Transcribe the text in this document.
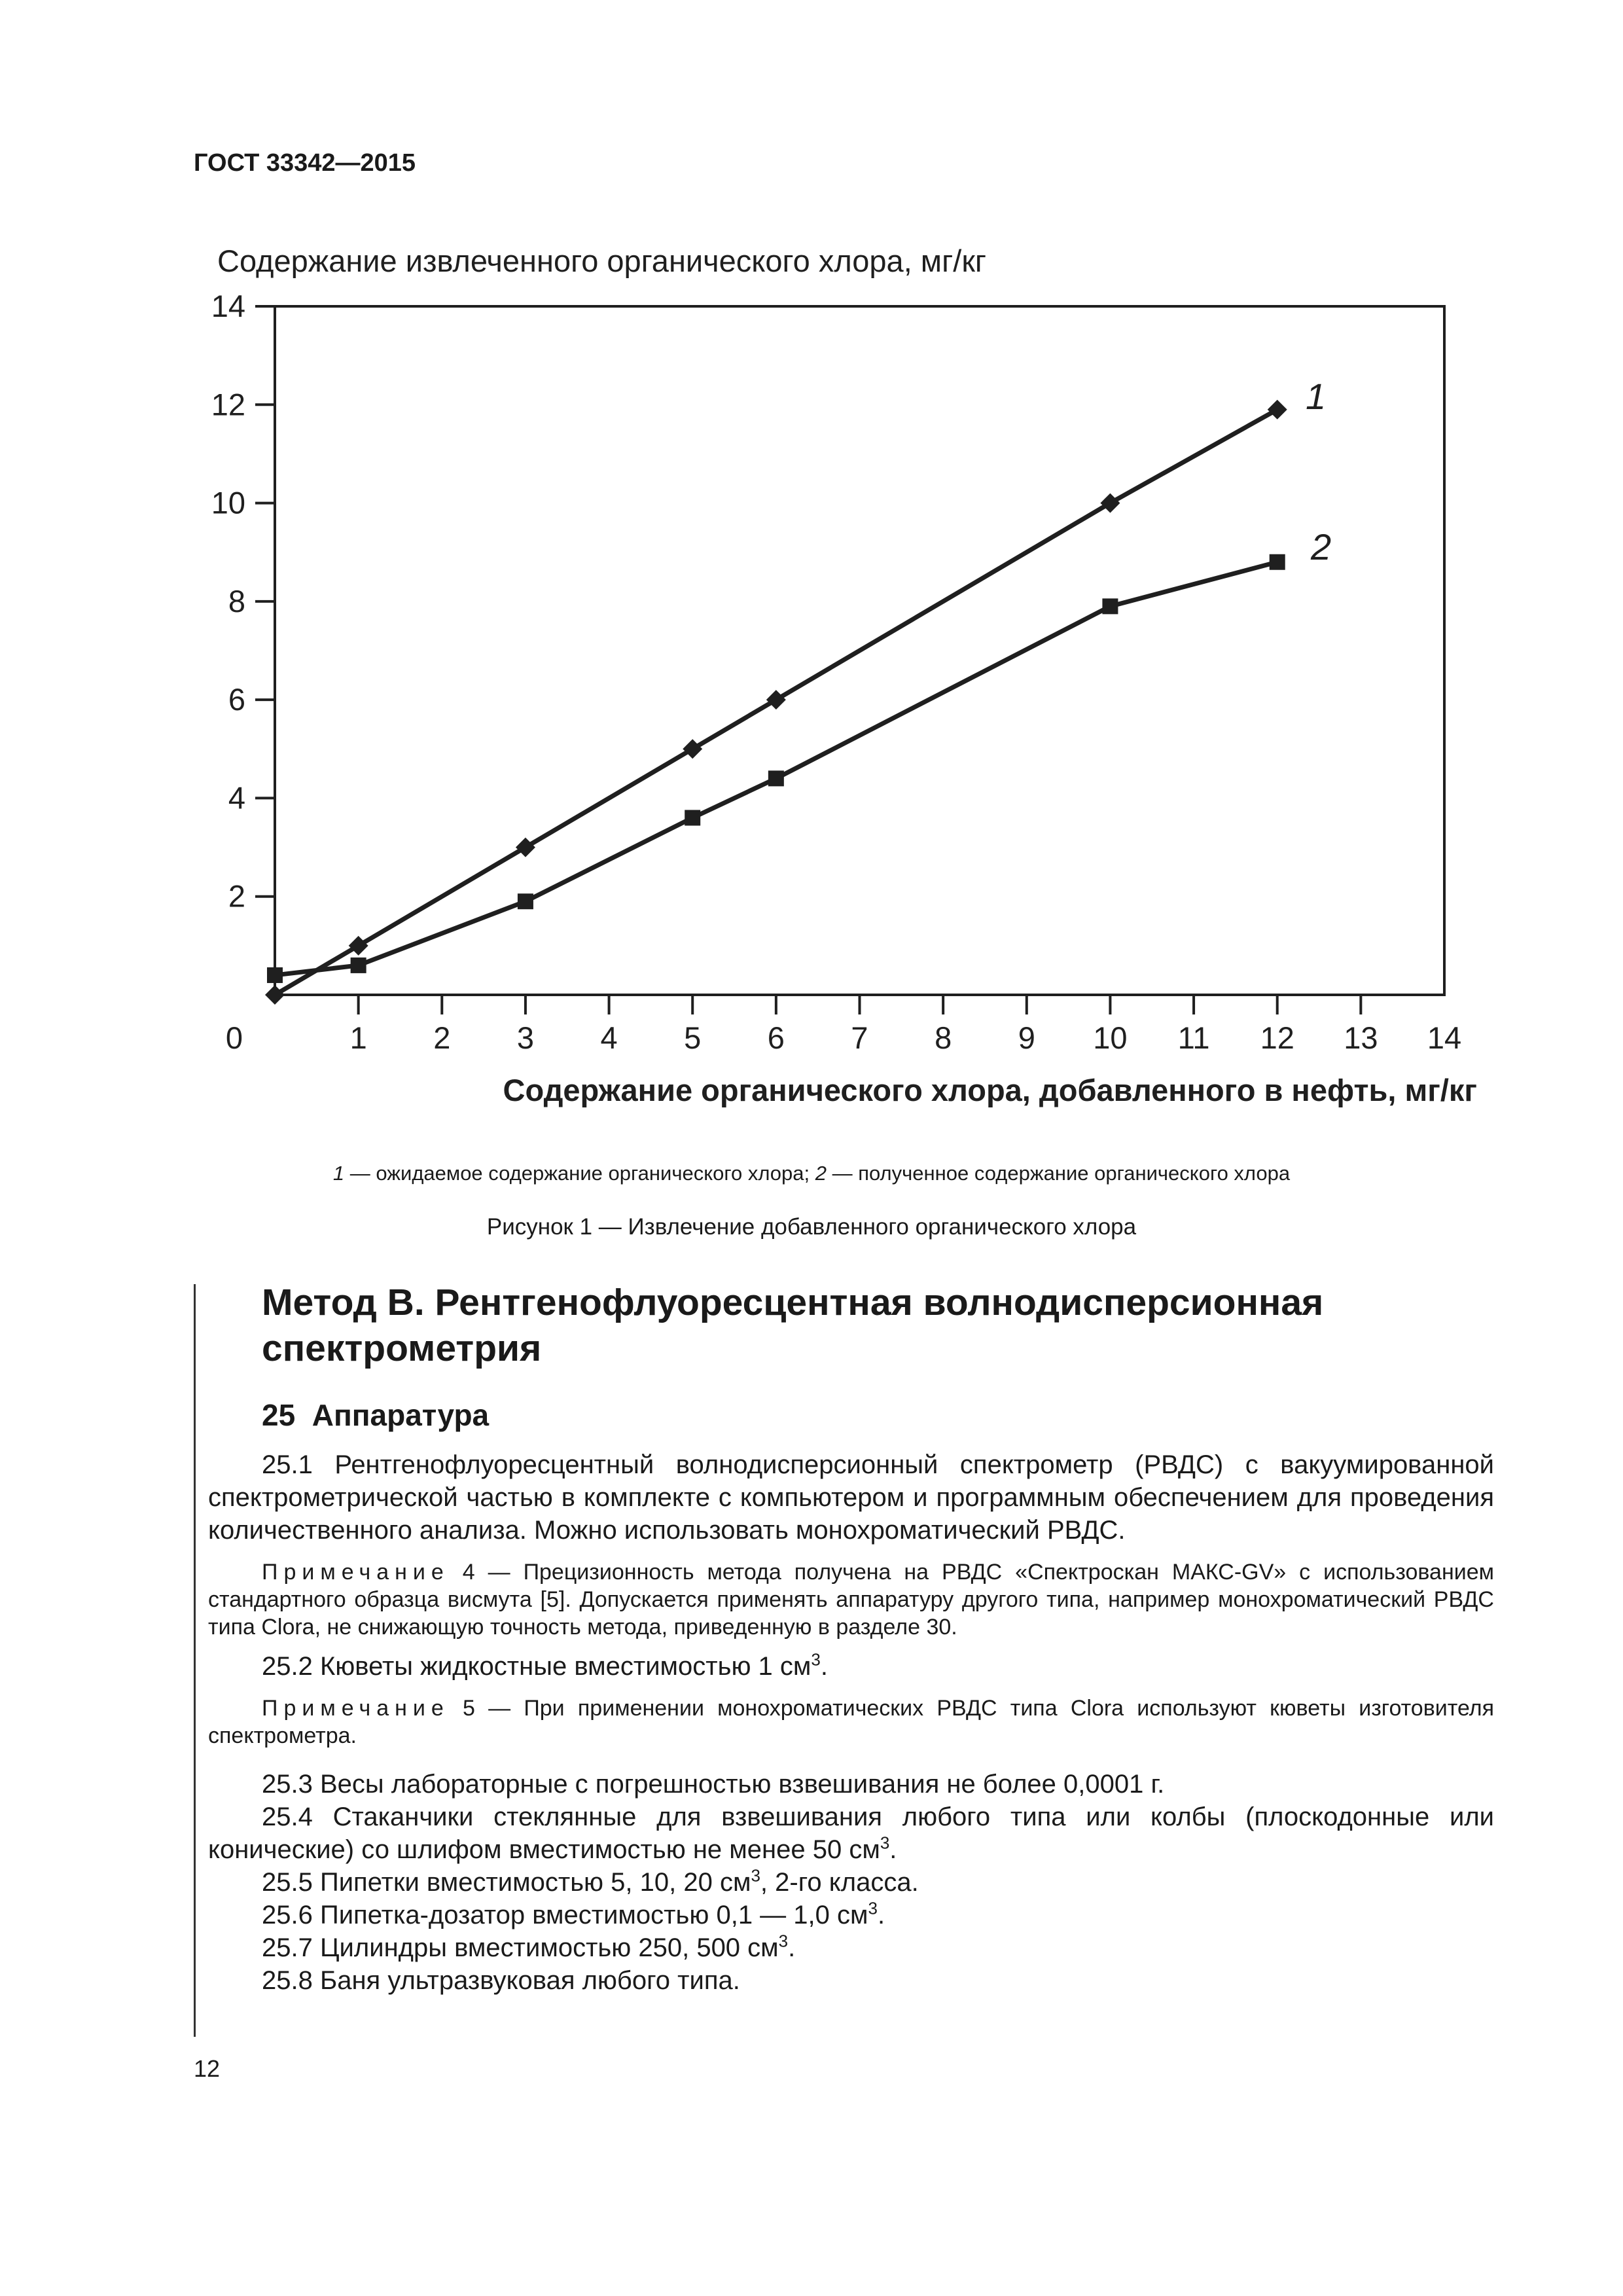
ГОСТ 33342—2015
Содержание извлеченного органического хлора, мг/кг
0	1 2 3 4 5 6 7 8 9 10 11 12 13 14
2
4
6
8
10
12
14
1
2
Содержание органического хлора, добавленного в нефть, мг/кг
1 — ожидаемое содержание органического хлора; 2 — полученное содержание органического хлора
Рисунок 1 — Извлечение добавленного органического хлора
Метод В. Рентгенофлуоресцентная волнодисперсионная спектрометрия
25 Аппаратура

25.1 Рентгенофлуоресцентный волнодисперсионный спектрометр (РВДС) с вакуумированной спектрометрической частью в комплекте с компьютером и программным обеспечением для проведения количественного анализа. Можно использовать монохроматический РВДС.

Примечание 4 — Прецизионность метода получена на РВДС «Спектроскан МАКС-GV» с использованием стандартного образца висмута [5]. Допускается применять аппаратуру другого типа, например монохроматический РВДС типа Clora, не снижающую точность метода, приведенную в разделе 30.

25.2 Кюветы жидкостные вместимостью 1 $см^3$.

Примечание 5 — При применении монохроматических РВДС типа Clora используют кюветы изготовителя спектрометра.

25.3 Весы лабораторные с погрешностью взвешивания не более 0,0001 г.

25.4 Стаканчики стеклянные для взвешивания любого типа или колбы (плоскодонные или конические) со шлифом вместимостью не менее 50 $см^3$.

25.5 Пипетки вместимостью 5, 10, 20 $см^3$, 2-го класса.

25.6 Пипетка-дозатор вместимостью 0,1 — 1,0 $см^3$.

25.7 Цилиндры вместимостью 250, 500 $см^3$.

25.8 Баня ультразвуковая любого типа.

12
